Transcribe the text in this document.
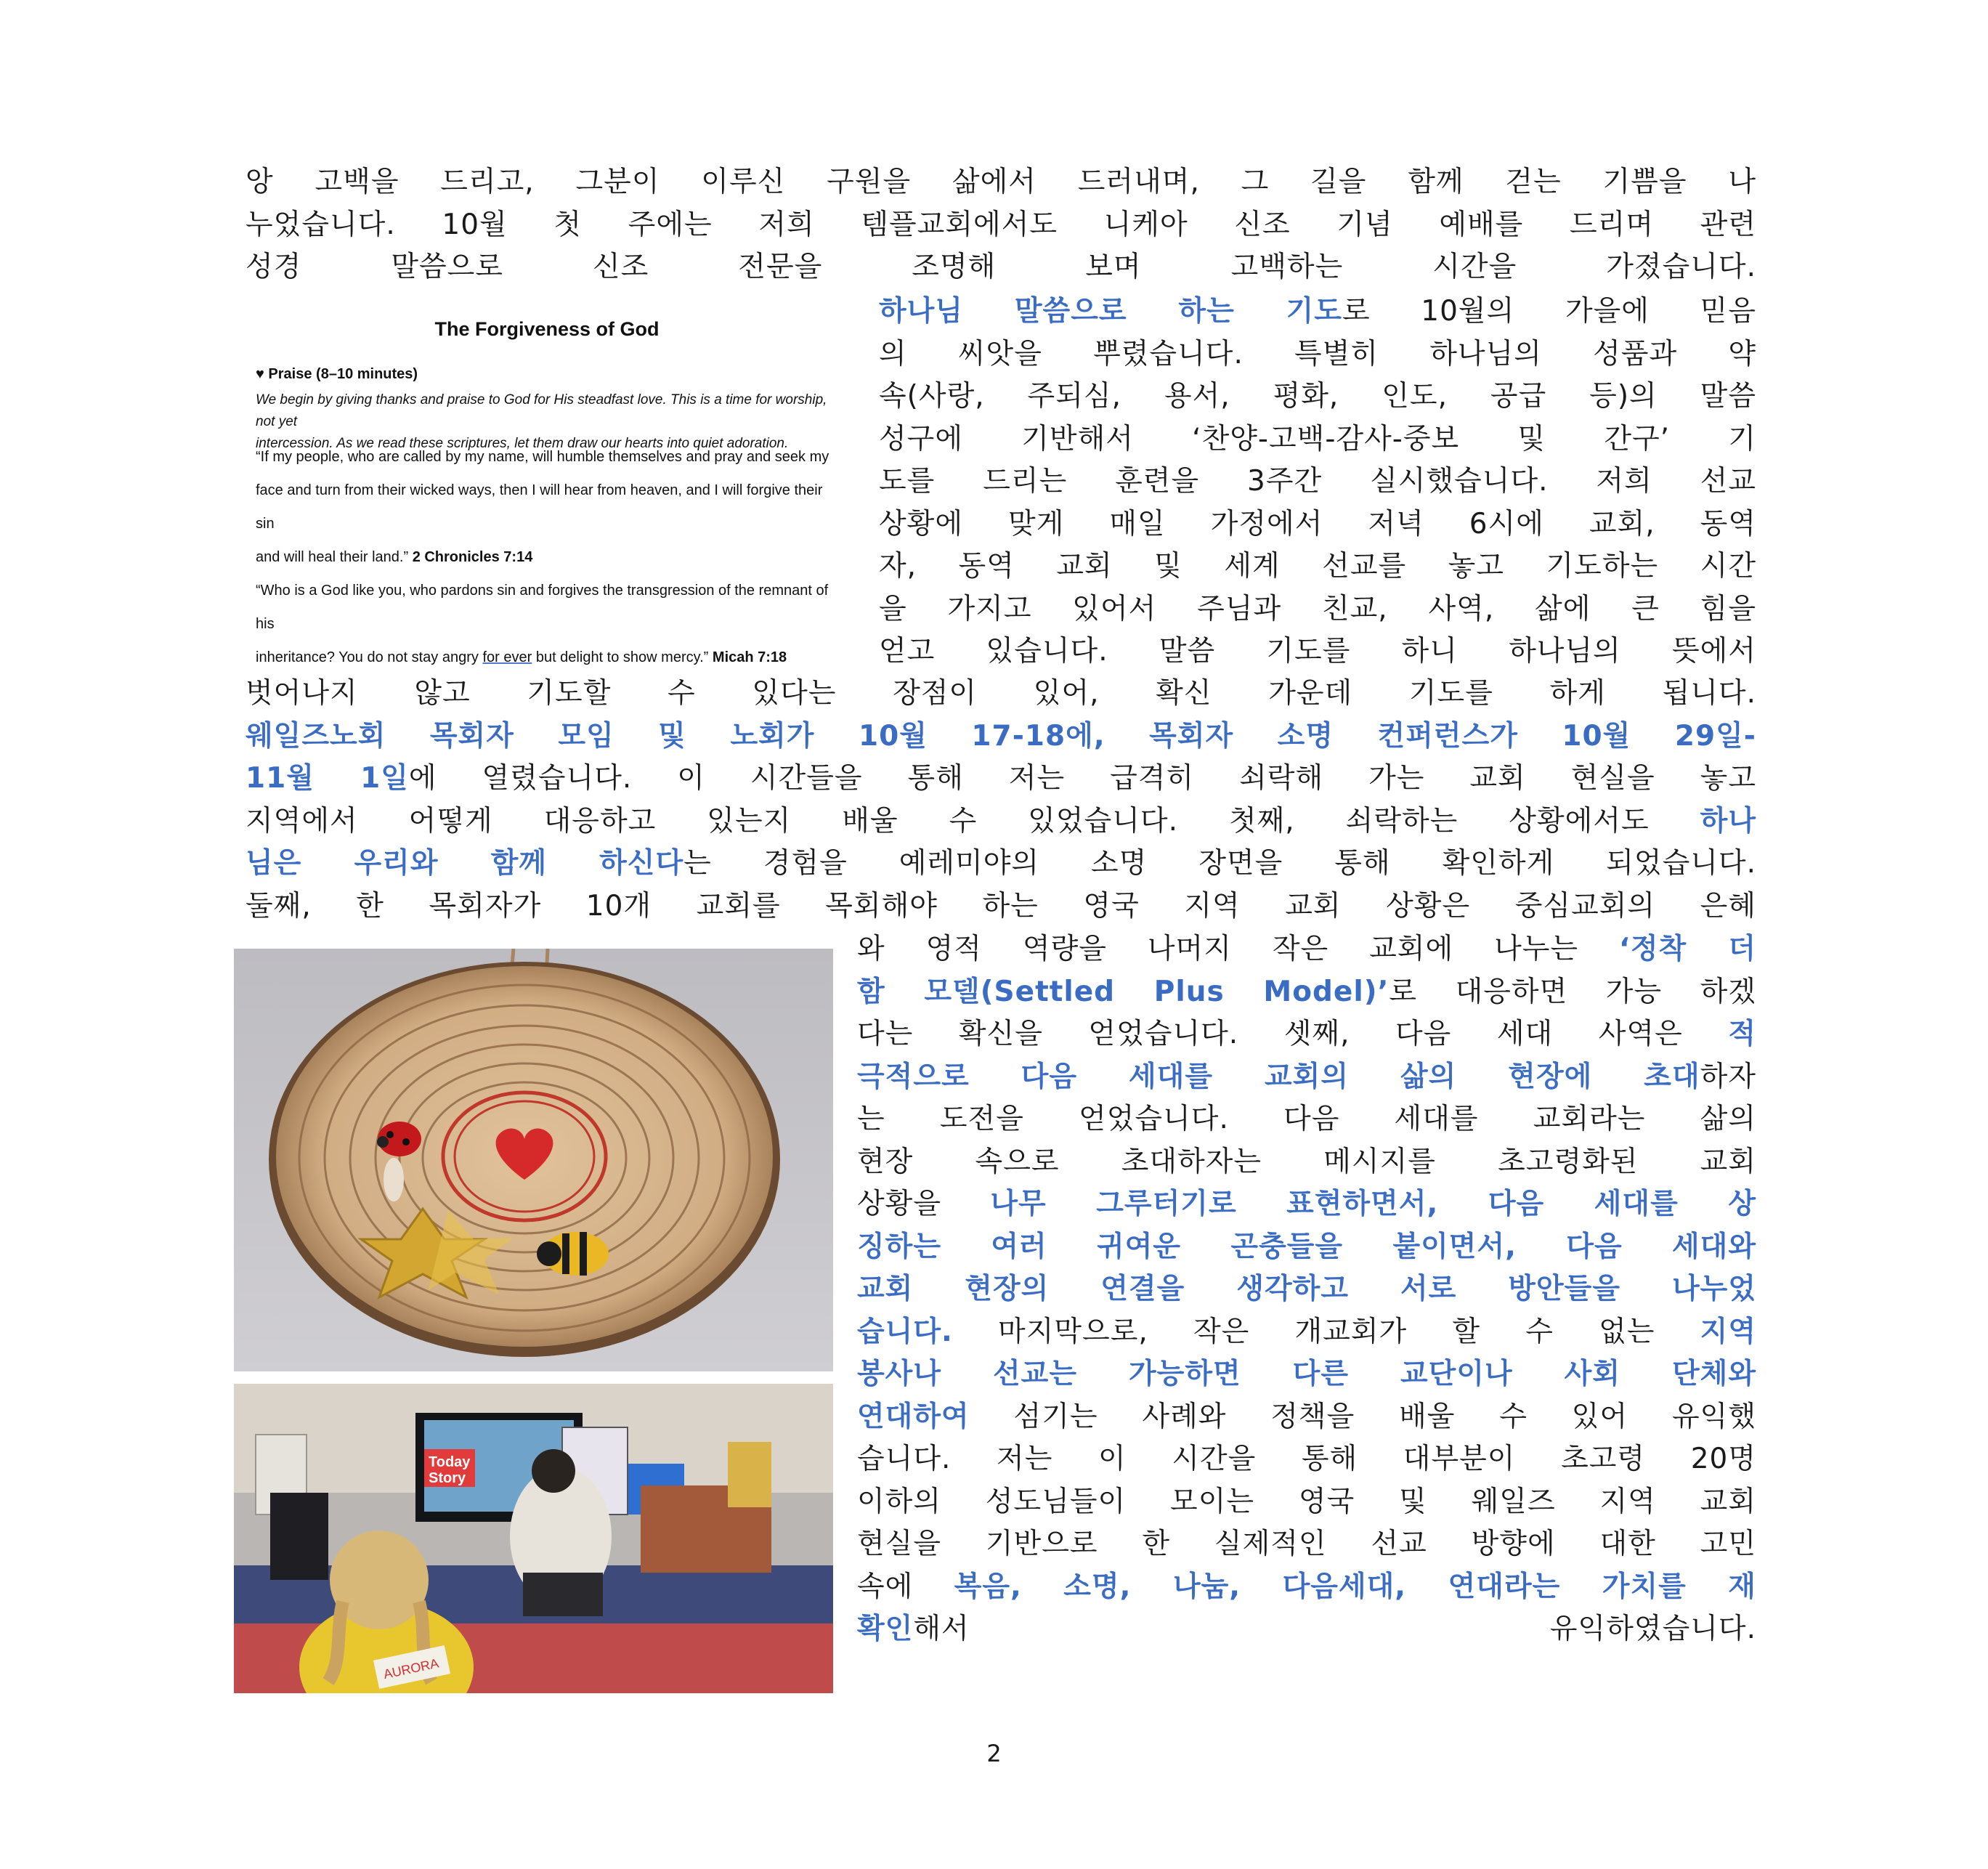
앙 고백을 드리고, 그분이 이루신 구원을 삶에서 드러내며, 그 길을 함께 걷는 기쁨을 나
누었습니다. 10월 첫 주에는 저희 템플교회에서도 니케아 신조 기념 예배를 드리며 관련
성경 말씀으로 신조 전문을 조명해 보며 고백하는 시간을 가졌습니다.
The Forgiveness of God
♥ Praise (8–10 minutes)
We begin by giving thanks and praise to God for His steadfast love. This is a time for worship, not yet
intercession. As we read these scriptures, let them draw our hearts into quiet adoration.
“If my people, who are called by my name, will humble themselves and pray and seek my
face and turn from their wicked ways, then I will hear from heaven, and I will forgive their sin
and will heal their land.” 2 Chronicles 7:14
“Who is a God like you, who pardons sin and forgives the transgression of the remnant of his
inheritance? You do not stay angry for ever but delight to show mercy.” Micah 7:18
하나님 말씀으로 하는 기도로 10월의 가을에 믿음
의 씨앗을 뿌렸습니다. 특별히 하나님의 성품과 약
속(사랑, 주되심, 용서, 평화, 인도, 공급 등)의 말씀
성구에 기반해서 ‘찬양-고백-감사-중보 및 간구’ 기
도를 드리는 훈련을 3주간 실시했습니다. 저희 선교
상황에 맞게 매일 가정에서 저녁 6시에 교회, 동역
자, 동역 교회 및 세계 선교를 놓고 기도하는 시간
을 가지고 있어서 주님과 친교, 사역, 삶에 큰 힘을
얻고 있습니다. 말씀 기도를 하니 하나님의 뜻에서
벗어나지 않고 기도할 수 있다는 장점이 있어, 확신 가운데 기도를 하게 됩니다.
웨일즈노회 목회자 모임 및 노회가 10월 17-18에, 목회자 소명 컨퍼런스가 10월 29일-
11월 1일에 열렸습니다. 이 시간들을 통해 저는 급격히 쇠락해 가는 교회 현실을 놓고
지역에서 어떻게 대응하고 있는지 배울 수 있었습니다. 첫째, 쇠락하는 상황에서도 하나
님은 우리와 함께 하신다는 경험을 예레미야의 소명 장면을 통해 확인하게 되었습니다.
둘째, 한 목회자가 10개 교회를 목회해야 하는 영국 지역 교회 상황은 중심교회의 은혜
와 영적 역량을 나머지 작은 교회에 나누는 ‘정착 더
함 모델(Settled Plus Model)’로 대응하면 가능 하겠
다는 확신을 얻었습니다. 셋째, 다음 세대 사역은 적
극적으로 다음 세대를 교회의 삶의 현장에 초대하자
는 도전을 얻었습니다. 다음 세대를 교회라는 삶의
현장 속으로 초대하자는 메시지를 초고령화된 교회
상황을 나무 그루터기로 표현하면서, 다음 세대를 상
징하는 여러 귀여운 곤충들을 붙이면서, 다음 세대와
교회 현장의 연결을 생각하고 서로 방안들을 나누었
습니다. 마지막으로, 작은 개교회가 할 수 없는 지역
봉사나 선교는 가능하면 다른 교단이나 사회 단체와
연대하여 섬기는 사례와 정책을 배울 수 있어 유익했
습니다. 저는 이 시간을 통해 대부분이 초고령 20명
이하의 성도님들이 모이는 영국 및 웨일즈 지역 교회
현실을 기반으로 한 실제적인 선교 방향에 대한 고민
속에 복음, 소명, 나눔, 다음세대, 연대라는 가치를 재
확인해서 유익하였습니다.
Today
Story
AURORA
2
